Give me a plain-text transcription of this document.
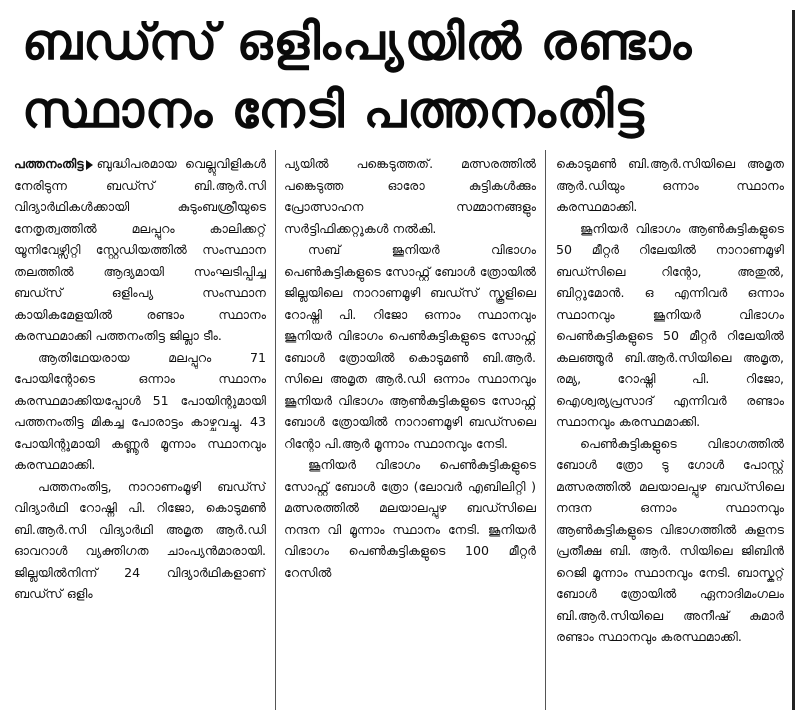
ബഡ്സ് ഒളിംപ്യയിൽ രണ്ടാം
സ്ഥാനം നേടി പത്തനംതിട്ട

പത്തനംതിട്ട ബുദ്ധിപരമായ വെല്ലുവിളികൾ നേരിടുന്ന ബഡ്സ് ബി.ആർ.സി വിദ്യാർഥികൾക്കായി കുടുംബശ്രീയുടെ നേതൃത്വത്തിൽ മലപ്പുറം കാലിക്കറ്റ് യൂനിവേഴ്സിറ്റി സ്റ്റേഡിയത്തിൽ സംസ്ഥാന തലത്തിൽ ആദ്യമായി സംഘടിപ്പിച്ച ബഡ്സ് ഒളിംപ്യ സംസ്ഥാന കായികമേളയിൽ രണ്ടാം സ്ഥാനം കരസ്ഥമാക്കി പത്തനംതിട്ട ജില്ലാ ടീം.

ആതിഥേയരായ മലപ്പുറം 71 പോയിന്റോടെ ഒന്നാം സ്ഥാനം കരസ്ഥമാക്കിയപ്പോൾ 51 പോയിന്റുമായി പത്തനംതിട്ട മികച്ച പോരാട്ടം കാഴ്ചവച്ചു. 43 പോയിന്റുമായി കണ്ണൂർ മൂന്നാം സ്ഥാനവും കരസ്ഥമാക്കി.

പത്തനംതിട്ട, നാറാണംമൂഴി ബഡ്സ് വിദ്യാർഥി റോഷ്നി പി. റിജോ, കൊടുമൺ ബി.ആർ.സി വിദ്യാർഥി അമൃത ആർ.ഡി ഓവറാൾ വ്യക്തിഗത ചാംപ്യൻമാരായി. ജില്ലയിൽനിന്ന് 24 വിദ്യാർഥികളാണ് ബഡ്സ് ഒളിം

പ്യയിൽ പങ്കെടുത്തത്. മത്സരത്തിൽ പങ്കെടുത്ത ഓരോ കുട്ടികൾക്കും പ്രോത്സാഹന സമ്മാനങ്ങളും സർട്ടിഫിക്കറ്റുകൾ നൽകി.

സബ് ജൂനിയർ വിഭാഗം പെൺകുട്ടികളുടെ സോഫ്റ്റ് ബോൾ ത്രോയിൽ ജില്ലയിലെ നാറാണമൂഴി ബഡ്സ് സ്കൂളിലെ റോഷ്നി പി. റിജോ ഒന്നാം സ്ഥാനവും ജൂനിയർ വിഭാഗം പെൺകുട്ടികളുടെ സോഫ്റ്റ് ബോൾ ത്രോയിൽ കൊടുമൺ ബി.ആർ. സിലെ അമൃത ആർ.ഡി ഒന്നാം സ്ഥാനവും ജൂനിയർ വിഭാഗം ആൺകുട്ടികളുടെ സോഫ്റ്റ് ബോൾ ത്രോയിൽ നാറാണമൂഴി ബഡ്സലെ റിന്റോ പി.ആർ മൂന്നാം സ്ഥാനവും നേടി.

ജൂനിയർ വിഭാഗം പെൺകുട്ടികളുടെ സോഫ്റ്റ് ബോൾ ത്രോ (ലോവർ എബിലിറ്റി ) മത്സരത്തിൽ മലയാലപ്പുഴ ബഡ്സിലെ നന്ദന വി മൂന്നാം സ്ഥാനം നേടി. ജൂനിയർ വിഭാഗം പെൺകുട്ടികളുടെ 100 മീറ്റർ റേസിൽ

കൊടുമൺ ബി.ആർ.സിയിലെ അമൃത ആർ.ഡിയും ഒന്നാം സ്ഥാനം കരസ്ഥമാക്കി.

ജൂനിയർ വിഭാഗം ആൺകുട്ടികളുടെ 50 മീറ്റർ റിലേയിൽ നാറാണമൂഴി ബഡ്സിലെ റിന്റോ, അതുൽ, ബിറ്റുമോൻ. ഒ എന്നിവർ ഒന്നാം സ്ഥാനവും ജൂനിയർ വിഭാഗം പെൺകുട്ടികളുടെ 50 മീറ്റർ റിലേയിൽ കലഞ്ഞൂർ ബി.ആർ.സിയിലെ അമൃത, രമ്യ, റോഷ്നി പി. റിജോ, ഐശ്വര്യപ്രസാദ് എന്നിവർ രണ്ടാം സ്ഥാനവും കരസ്ഥമാക്കി.

പെൺകുട്ടികളുടെ വിഭാഗത്തിൽ ബോൾ ത്രോ ടു ഗോൾ പോസ്റ്റ് മത്സരത്തിൽ മലയാലപ്പുഴ ബഡ്സിലെ നന്ദന ഒന്നാം സ്ഥാനവും ആൺകുട്ടികളുടെ വിഭാഗത്തിൽ കുളനട പ്രതീക്ഷ ബി. ആർ. സിയിലെ ജിബിൻ റെജി മൂന്നാം സ്ഥാനവും നേടി. ബാസ്കറ്റ് ബോൾ ത്രോയിൽ ഏനാദിമംഗലം ബി.ആർ.സിയിലെ അനീഷ് കുമാർ രണ്ടാം സ്ഥാനവും കരസ്ഥമാക്കി.
